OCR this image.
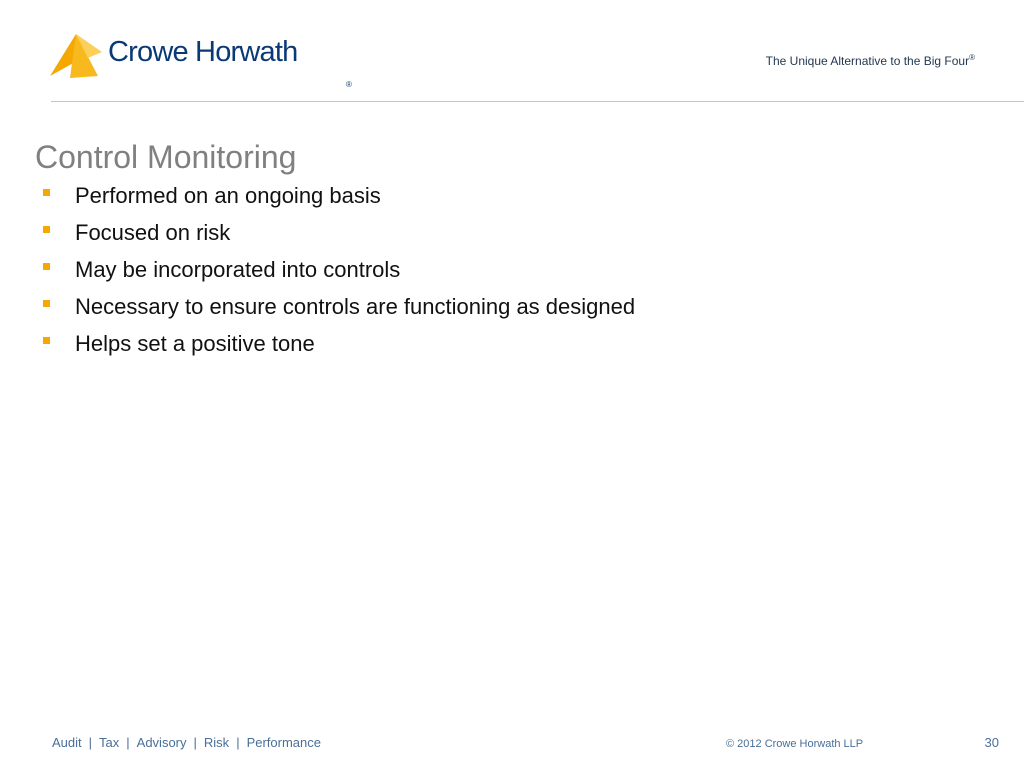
Crowe Horwath
®
The Unique Alternative to the Big Four®
Control Monitoring
Performed on an ongoing basis
Focused on risk
May be incorporated into controls
Necessary to ensure controls are functioning as designed
Helps set a positive tone
Audit | Tax | Advisory | Risk | Performance	© 2012 Crowe Horwath LLP	30
